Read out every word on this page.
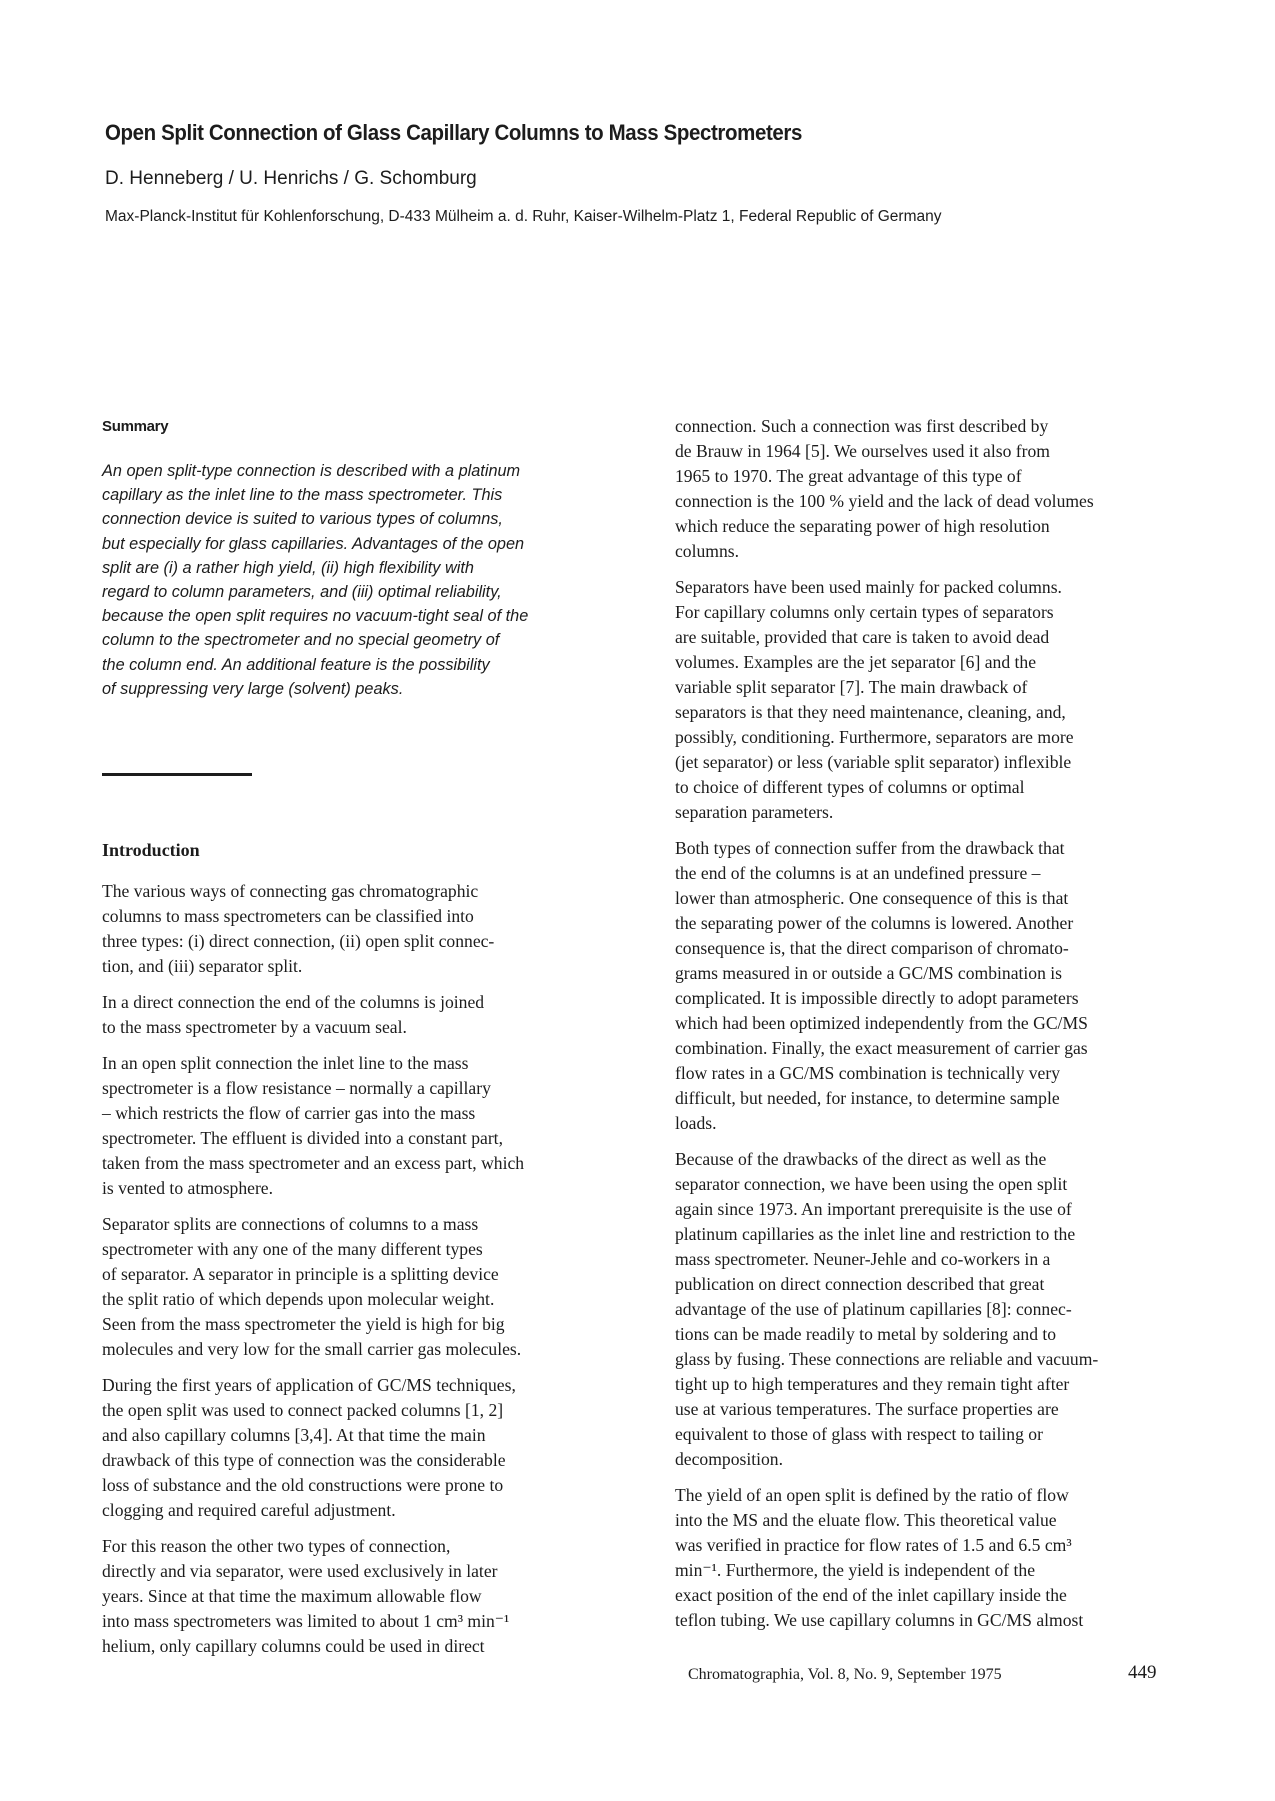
Open Split Connection of Glass Capillary Columns to Mass Spectrometers
D. Henneberg / U. Henrichs / G. Schomburg
Max-Planck-Institut für Kohlenforschung, D-433 Mülheim a. d. Ruhr, Kaiser-Wilhelm-Platz 1, Federal Republic of Germany
Summary
An open split-type connection is described with a platinum
capillary as the inlet line to the mass spectrometer. This
connection device is suited to various types of columns,
but especially for glass capillaries. Advantages of the open
split are (i) a rather high yield, (ii) high flexibility with
regard to column parameters, and (iii) optimal reliability,
because the open split requires no vacuum-tight seal of the
column to the spectrometer and no special geometry of
the column end. An additional feature is the possibility
of suppressing very large (solvent) peaks.
Introduction
The various ways of connecting gas chromatographic
columns to mass spectrometers can be classified into
three types: (i) direct connection, (ii) open split connec-
tion, and (iii) separator split.
In a direct connection the end of the columns is joined
to the mass spectrometer by a vacuum seal.
In an open split connection the inlet line to the mass
spectrometer is a flow resistance – normally a capillary
– which restricts the flow of carrier gas into the mass
spectrometer. The effluent is divided into a constant part,
taken from the mass spectrometer and an excess part, which
is vented to atmosphere.
Separator splits are connections of columns to a mass
spectrometer with any one of the many different types
of separator. A separator in principle is a splitting device
the split ratio of which depends upon molecular weight.
Seen from the mass spectrometer the yield is high for big
molecules and very low for the small carrier gas molecules.
During the first years of application of GC/MS techniques,
the open split was used to connect packed columns [1, 2]
and also capillary columns [3,4]. At that time the main
drawback of this type of connection was the considerable
loss of substance and the old constructions were prone to
clogging and required careful adjustment.
For this reason the other two types of connection,
directly and via separator, were used exclusively in later
years. Since at that time the maximum allowable flow
into mass spectrometers was limited to about 1 cm³ min⁻¹
helium, only capillary columns could be used in direct
connection. Such a connection was first described by
de Brauw in 1964 [5]. We ourselves used it also from
1965 to 1970. The great advantage of this type of
connection is the 100 % yield and the lack of dead volumes
which reduce the separating power of high resolution
columns.
Separators have been used mainly for packed columns.
For capillary columns only certain types of separators
are suitable, provided that care is taken to avoid dead
volumes. Examples are the jet separator [6] and the
variable split separator [7]. The main drawback of
separators is that they need maintenance, cleaning, and,
possibly, conditioning. Furthermore, separators are more
(jet separator) or less (variable split separator) inflexible
to choice of different types of columns or optimal
separation parameters.
Both types of connection suffer from the drawback that
the end of the columns is at an undefined pressure –
lower than atmospheric. One consequence of this is that
the separating power of the columns is lowered. Another
consequence is, that the direct comparison of chromato-
grams measured in or outside a GC/MS combination is
complicated. It is impossible directly to adopt parameters
which had been optimized independently from the GC/MS
combination. Finally, the exact measurement of carrier gas
flow rates in a GC/MS combination is technically very
difficult, but needed, for instance, to determine sample
loads.
Because of the drawbacks of the direct as well as the
separator connection, we have been using the open split
again since 1973. An important prerequisite is the use of
platinum capillaries as the inlet line and restriction to the
mass spectrometer. Neuner-Jehle and co-workers in a
publication on direct connection described that great
advantage of the use of platinum capillaries [8]: connec-
tions can be made readily to metal by soldering and to
glass by fusing. These connections are reliable and vacuum-
tight up to high temperatures and they remain tight after
use at various temperatures. The surface properties are
equivalent to those of glass with respect to tailing or
decomposition.
The yield of an open split is defined by the ratio of flow
into the MS and the eluate flow. This theoretical value
was verified in practice for flow rates of 1.5 and 6.5 cm³
min⁻¹. Furthermore, the yield is independent of the
exact position of the end of the inlet capillary inside the
teflon tubing. We use capillary columns in GC/MS almost
Chromatographia, Vol. 8, No. 9, September 1975	449
